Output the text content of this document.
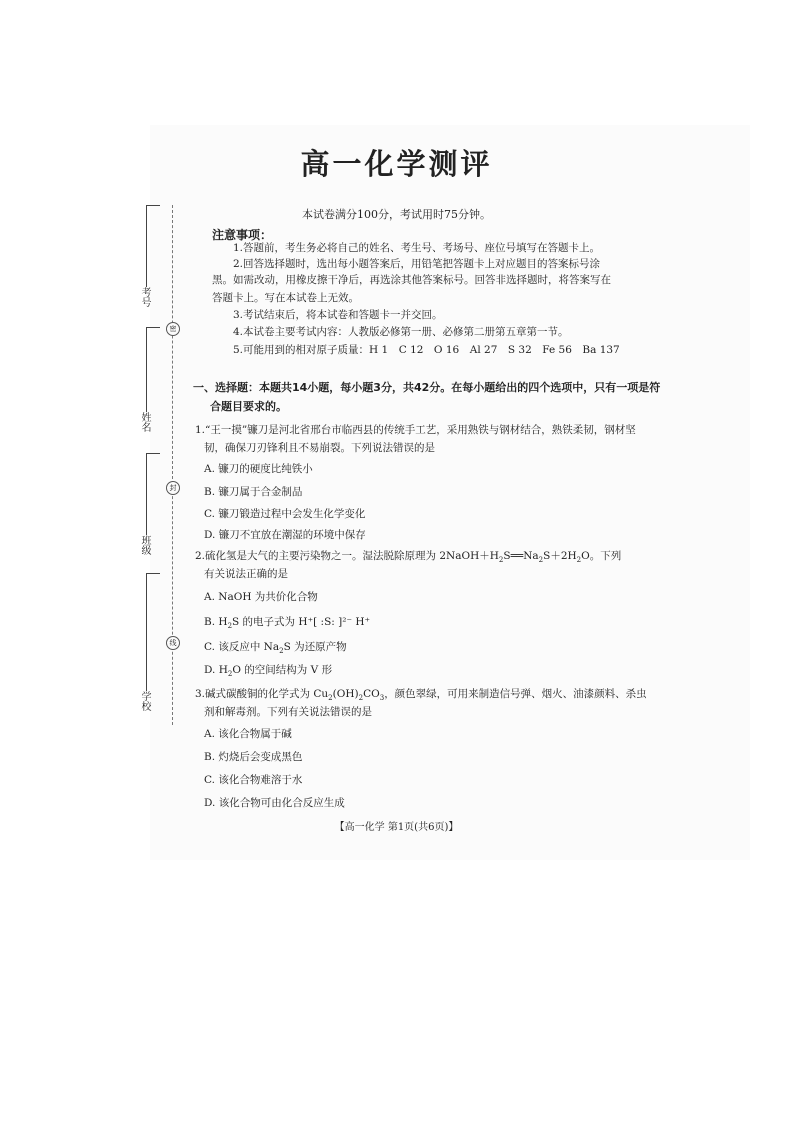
考号
姓名
班级
学校
密
封
线
高一化学测评
本试卷满分100分，考试用时75分钟。
注意事项：
1.答题前，考生务必将自己的姓名、考生号、考场号、座位号填写在答题卡上。
2.回答选择题时，选出每小题答案后，用铅笔把答题卡上对应题目的答案标号涂
黑。如需改动，用橡皮擦干净后，再选涂其他答案标号。回答非选择题时，将答案写在
答题卡上。写在本试卷上无效。
3.考试结束后，将本试卷和答题卡一并交回。
4.本试卷主要考试内容：人教版必修第一册、必修第二册第五章第一节。
5.可能用到的相对原子质量：H 1　C 12　O 16　Al 27　S 32　Fe 56　Ba 137
一、选择题：本题共14小题，每小题3分，共42分。在每小题给出的四个选项中，只有一项是符
合题目要求的。
1.“王一摸”镰刀是河北省邢台市临西县的传统手工艺，采用熟铁与钢材结合，熟铁柔韧，钢材坚
韧，确保刀刃锋利且不易崩裂。下列说法错误的是
A. 镰刀的硬度比纯铁小
B. 镰刀属于合金制品
C. 镰刀锻造过程中会发生化学变化
D. 镰刀不宜放在潮湿的环境中保存
2.硫化氢是大气的主要污染物之一。湿法脱除原理为 $2NaOH+H_2S══Na_2S+2H_2O$。下列
有关说法正确的是
A. NaOH 为共价化合物
B. $H_2S$ 的电子式为 H⁺[ :S: ]²⁻ H⁺
C. 该反应中 $Na_2S$ 为还原产物
D. $H_2O$ 的空间结构为 V 形
3.碱式碳酸铜的化学式为 $Cu_2(OH)_2CO_3$，颜色翠绿，可用来制造信号弹、烟火、油漆颜料、杀虫
剂和解毒剂。下列有关说法错误的是
A. 该化合物属于碱
B. 灼烧后会变成黑色
C. 该化合物难溶于水
D. 该化合物可由化合反应生成
【高一化学 第1页(共6页)】
